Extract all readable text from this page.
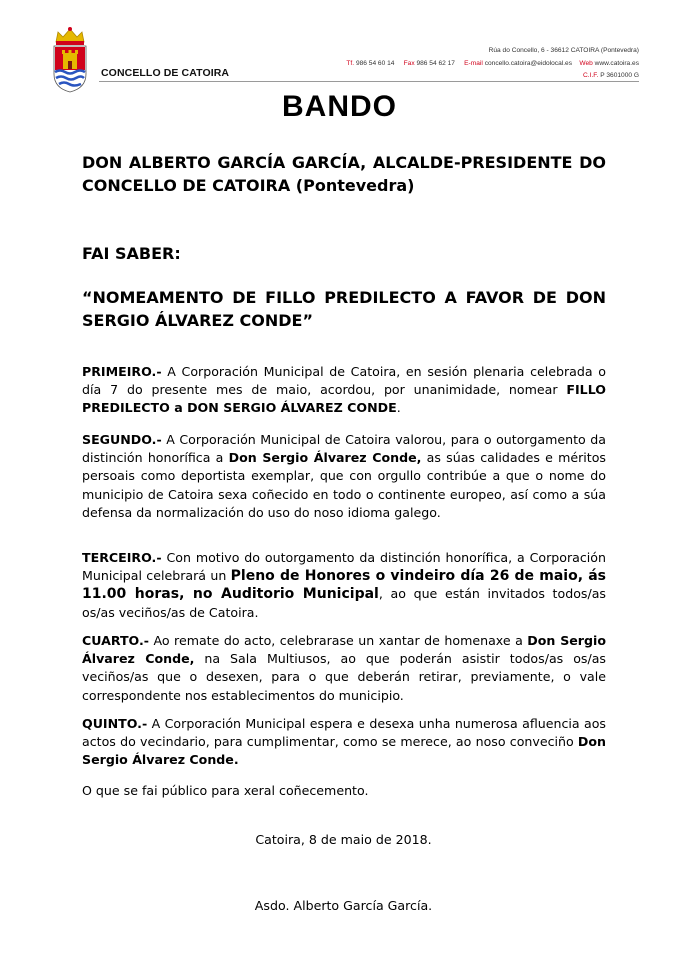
CONCELLO DE CATOIRA
Rúa do Concello, 6 - 36612 CATOIRA (Pontevedra)
Tf. 986 54 60 14 Fax 986 54 62 17 E-mail concello.catoira@eidolocal.es Web www.catoira.es
C.I.F. P 3601000 G
BANDO
DON ALBERTO GARCÍA GARCÍA, ALCALDE-PRESIDENTE DO CONCELLO DE CATOIRA (Pontevedra)
FAI SABER:
“NOMEAMENTO DE FILLO PREDILECTO A FAVOR DE DON SERGIO ÁLVAREZ CONDE”
PRIMEIRO.- A Corporación Municipal de Catoira, en sesión plenaria celebrada o día 7 do presente mes de maio, acordou, por unanimidade, nomear FILLO PREDILECTO a DON SERGIO ÁLVAREZ CONDE.
SEGUNDO.- A Corporación Municipal de Catoira valorou, para o outorgamento da distinción honorífica a Don Sergio Álvarez Conde, as súas calidades e méritos persoais como deportista exemplar, que con orgullo contribúe a que o nome do municipio de Catoira sexa coñecido en todo o continente europeo, así como a súa defensa da normalización do uso do noso idioma galego.
TERCEIRO.- Con motivo do outorgamento da distinción honorífica, a Corporación Municipal celebrará un Pleno de Honores o vindeiro día 26 de maio, ás 11.00 horas, no Auditorio Municipal, ao que están invitados todos/as os/as veciños/as de Catoira.
CUARTO.- Ao remate do acto, celebrarase un xantar de homenaxe a Don Sergio Álvarez Conde, na Sala Multiusos, ao que poderán asistir todos/as os/as veciños/as que o desexen, para o que deberán retirar, previamente, o vale correspondente nos establecimentos do municipio.
QUINTO.- A Corporación Municipal espera e desexa unha numerosa afluencia aos actos do vecindario, para cumplimentar, como se merece, ao noso conveciño Don Sergio Álvarez Conde.
O que se fai público para xeral coñecemento.
Catoira, 8 de maio de 2018.
Asdo. Alberto García García.
